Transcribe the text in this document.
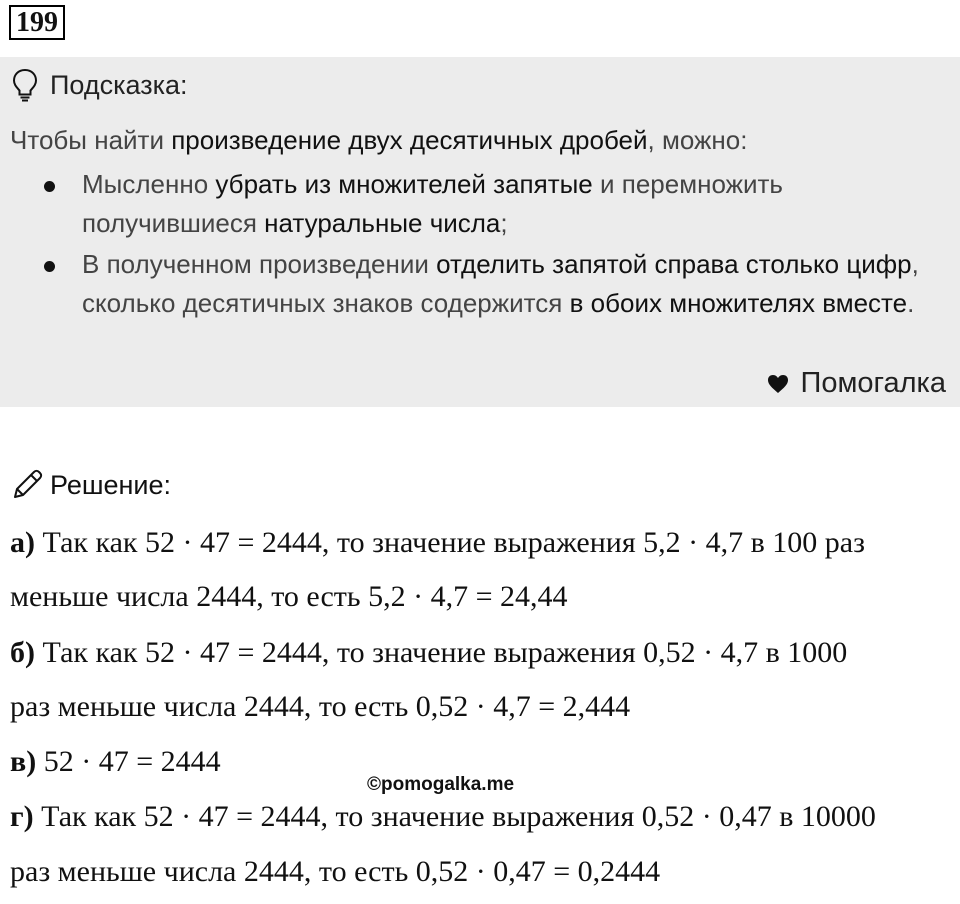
199
Подсказка:
Чтобы найти произведение двух десятичных дробей, можно:
Мысленно убрать из множителей запятые и перемножить получившиеся натуральные числа;
В полученном произведении отделить запятой справа столько цифр, сколько десятичных знаков содержится в обоих множителях вместе.
Помогалка
Решение:
а) Так как 52 · 47 = 2444, то значение выражения 5,2 · 4,7 в 100 раз
меньше числа 2444, то есть 5,2 · 4,7 = 24,44
б) Так как 52 · 47 = 2444, то значение выражения 0,52 · 4,7 в 1000
раз меньше числа 2444, то есть 0,52 · 4,7 = 2,444
в) 52 · 47 = 2444
г) Так как 52 · 47 = 2444, то значение выражения 0,52 · 0,47 в 10000
раз меньше числа 2444, то есть 0,52 · 0,47 = 0,2444
©pomogalka.me
